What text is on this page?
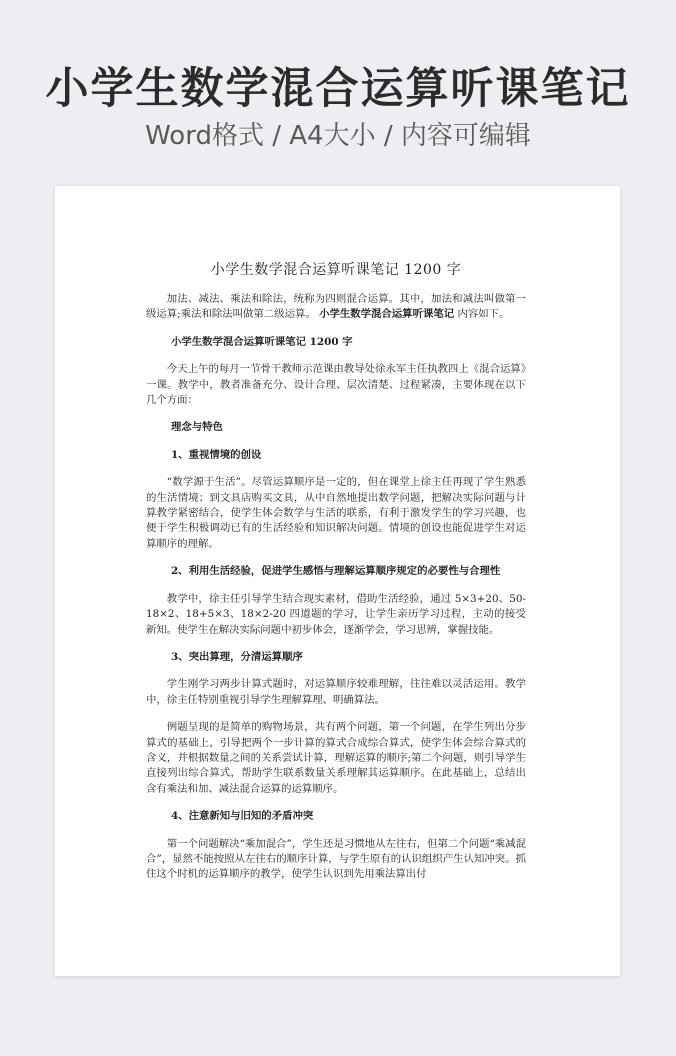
小学生数学混合运算听课笔记

Word格式 / A4大小 / 内容可编辑

小学生数学混合运算听课笔记 1200 字

加法、减法、乘法和除法，统称为四则混合运算。其中，加法和减法叫做第一级运算;乘法和除法叫做第二级运算。 小学生数学混合运算听课笔记 内容如下。

小学生数学混合运算听课笔记 1200 字

今天上午的每月一节骨干教师示范课由教导处徐永军主任执教四上《混合运算》一课。教学中，教者准备充分、设计合理、层次清楚、过程紧凑，主要体现在以下几个方面：

理念与特色

1、重视情境的创设

“数学源于生活”。尽管运算顺序是一定的，但在课堂上徐主任再现了学生熟悉的生活情境；到文具店购买文具，从中自然地提出数学问题，把解决实际问题与计算教学紧密结合，使学生体会数学与生活的联系，有利于激发学生的学习兴趣，也便于学生积极调动已有的生活经验和知识解决问题。情境的创设也能促进学生对运算顺序的理解。

2、利用生活经验，促进学生感悟与理解运算顺序规定的必要性与合理性

教学中，徐主任引导学生结合现实素材，借助生活经验，通过 5×3+20、50-18×2、18+5×3、18×2-20 四道题的学习，让学生亲历学习过程，主动的接受新知。使学生在解决实际问题中初步体会，逐渐学会，学习思辨，掌握技能。

3、突出算理，分清运算顺序

学生刚学习两步计算式题时，对运算顺序较难理解，往往难以灵活运用。教学中，徐主任特别重视引导学生理解算理、明确算法。

例题呈现的是简单的购物场景，共有两个问题，第一个问题，在学生列出分步算式的基础上，引导把两个一步计算的算式合成综合算式，使学生体会综合算式的含义，并根据数量之间的关系尝试计算，理解运算的顺序;第二个问题，则引导学生直接列出综合算式，帮助学生联系数量关系理解其运算顺序。在此基础上，总结出含有乘法和加、减法混合运算的运算顺序。

4、注意新知与旧知的矛盾冲突

第一个问题解决“乘加混合”，学生还是习惯地从左往右，但第二个问题“乘减混合”，显然不能按照从左往右的顺序计算，与学生原有的认识组织产生认知冲突。抓住这个时机的运算顺序的教学，使学生认识到先用乘法算出付
